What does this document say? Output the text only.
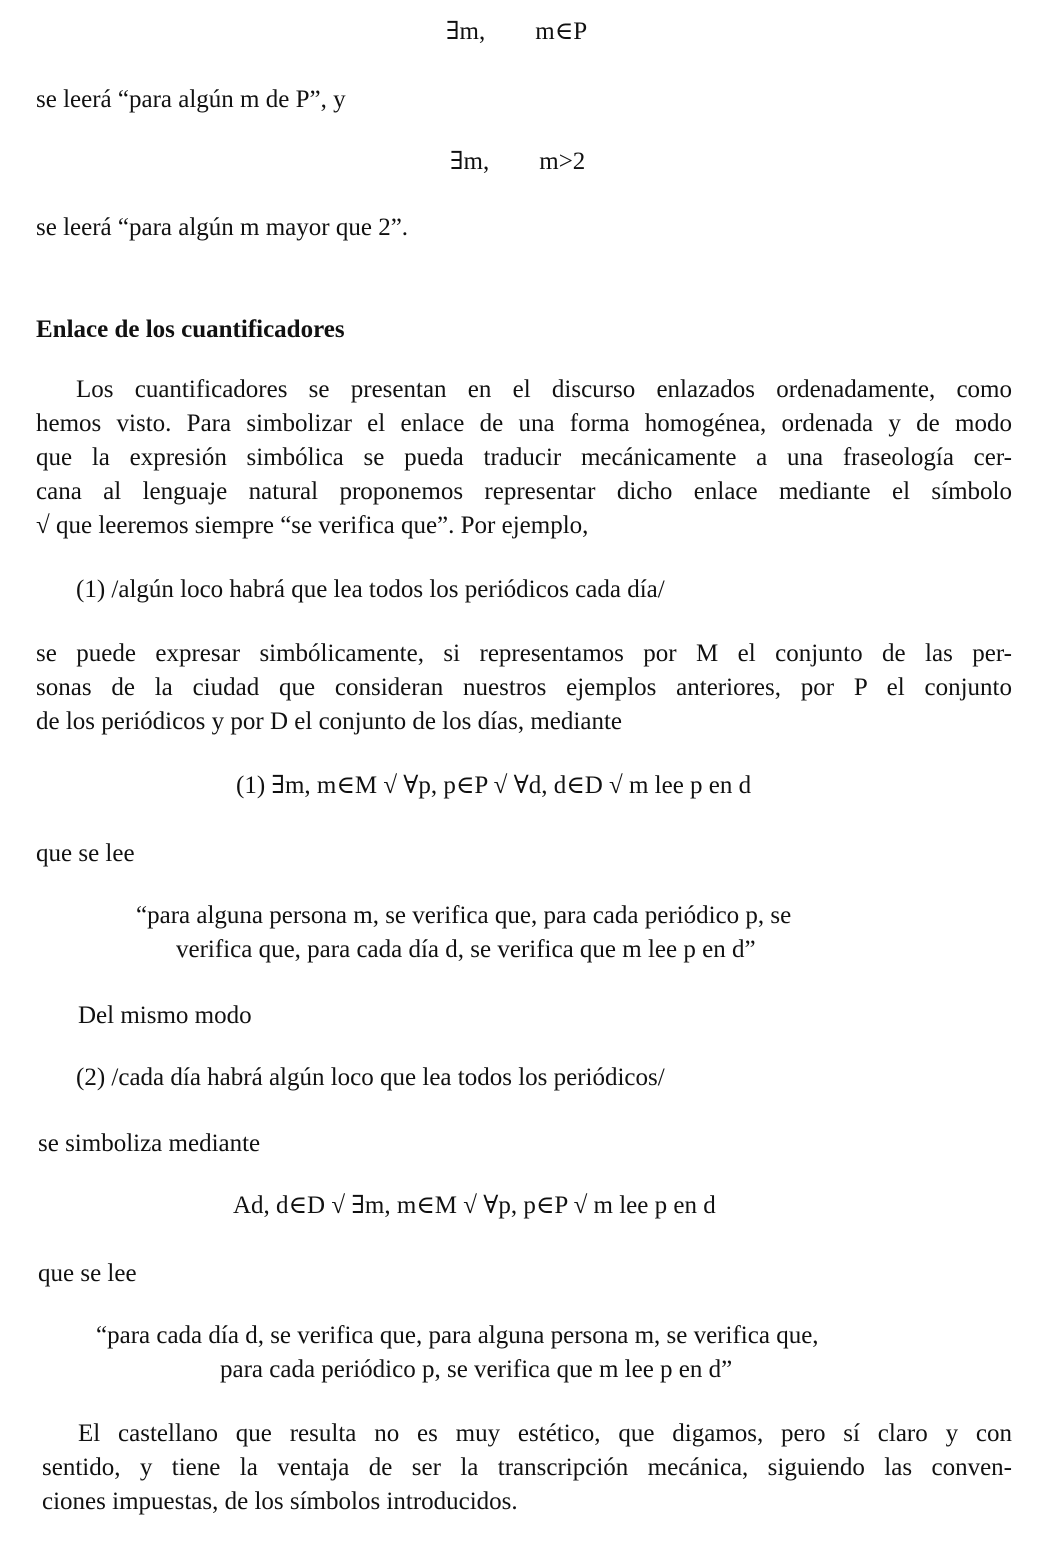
∃m,        m∈P
se leerá “para algún m de P”, y
∃m,        m>2
se leerá “para algún m mayor que 2”.
Enlace de los cuantificadores
Los cuantificadores se presentan en el discurso enlazados ordenadamente, como
hemos visto. Para simbolizar el enlace de una forma homogénea, ordenada y de modo
que la expresión simbólica se pueda traducir mecánicamente a una fraseología cer-
cana al lenguaje natural proponemos representar dicho enlace mediante el símbolo
√ que leeremos siempre “se verifica que”. Por ejemplo,
(1) /algún loco habrá que lea todos los periódicos cada día/
se puede expresar simbólicamente, si representamos por M el conjunto de las per-
sonas de la ciudad que consideran nuestros ejemplos anteriores, por P el conjunto
de los periódicos y por D el conjunto de los días, mediante
(1) ∃m, m∈M √ ∀p, p∈P √ ∀d, d∈D √ m lee p en d
que se lee
“para alguna persona m, se verifica que, para cada periódico p, se
verifica que, para cada día d, se verifica que m lee p en d”
Del mismo modo
(2) /cada día habrá algún loco que lea todos los periódicos/
se simboliza mediante
Ad, d∈D √ ∃m, m∈M √ ∀p, p∈P √ m lee p en d
que se lee
“para cada día d, se verifica que, para alguna persona m, se verifica que,
para cada periódico p, se verifica que m lee p en d”
El castellano que resulta no es muy estético, que digamos, pero sí claro y con
sentido, y tiene la ventaja de ser la transcripción mecánica, siguiendo las conven-
ciones impuestas, de los símbolos introducidos.
